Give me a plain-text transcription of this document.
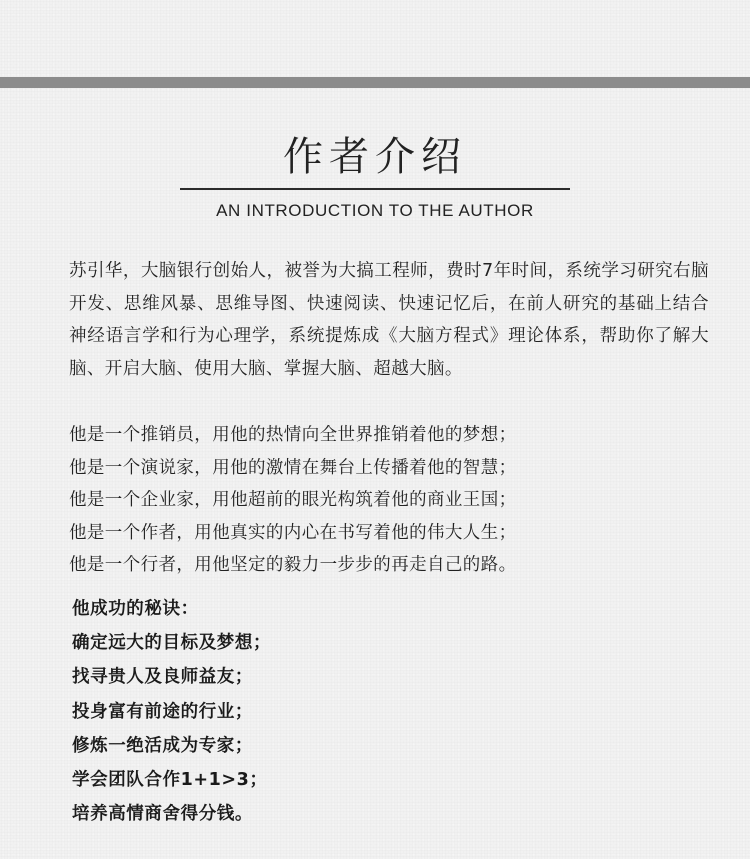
作者介绍
AN INTRODUCTION TO THE AUTHOR

苏引华，大脑银行创始人，被誉为大搞工程师，费时7年时间，系统学习研究右脑开发、思维风暴、思维导图、快速阅读、快速记忆后，在前人研究的基础上结合神经语言学和行为心理学，系统提炼成《大脑方程式》理论体系，帮助你了解大脑、开启大脑、使用大脑、掌握大脑、超越大脑。

他是一个推销员，用他的热情向全世界推销着他的梦想；
他是一个演说家，用他的激情在舞台上传播着他的智慧；
他是一个企业家，用他超前的眼光构筑着他的商业王国；
他是一个作者，用他真实的内心在书写着他的伟大人生；
他是一个行者，用他坚定的毅力一步步的再走自己的路。
他成功的秘诀：
确定远大的目标及梦想；
找寻贵人及良师益友；
投身富有前途的行业；
修炼一绝活成为专家；
学会团队合作1+1>3；
培养高情商舍得分钱。
